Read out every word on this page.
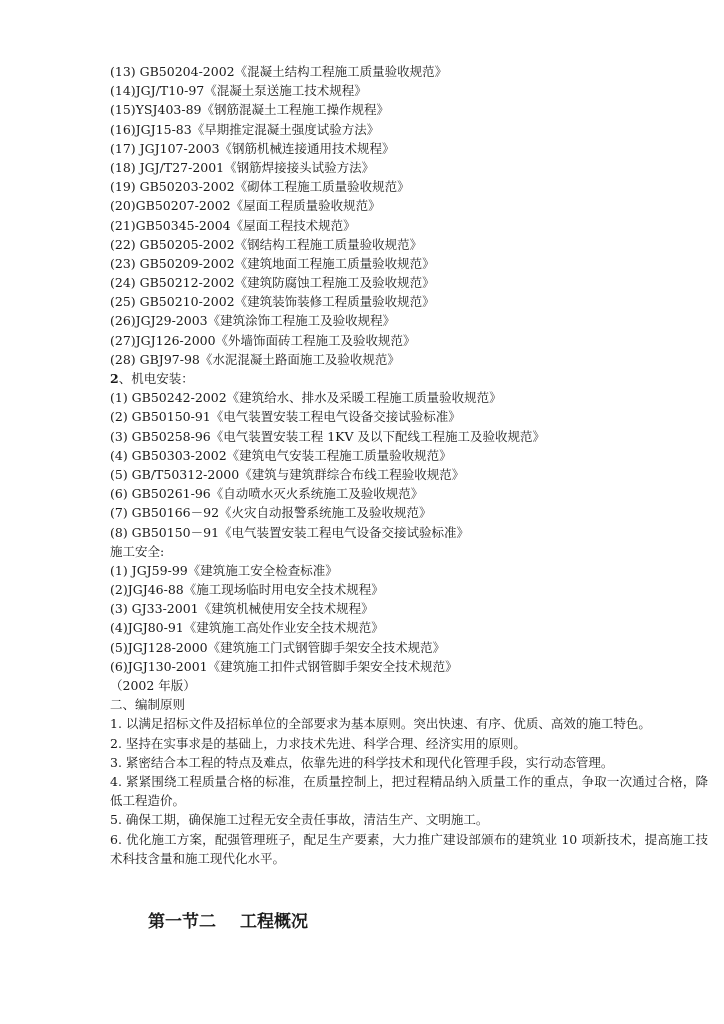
(13) GB50204-2002《混凝土结构工程施工质量验收规范》
(14)JGJ/T10-97《混凝土泵送施工技术规程》
(15)YSJ403-89《钢筋混凝土工程施工操作规程》
(16)JGJ15-83《早期推定混凝土强度试验方法》
(17) JGJ107-2003《钢筋机械连接通用技术规程》
(18) JGJ/T27-2001《钢筋焊接接头试验方法》
(19) GB50203-2002《砌体工程施工质量验收规范》
(20)GB50207-2002《屋面工程质量验收规范》
(21)GB50345-2004《屋面工程技术规范》
(22) GB50205-2002《钢结构工程施工质量验收规范》
(23) GB50209-2002《建筑地面工程施工质量验收规范》
(24) GB50212-2002《建筑防腐蚀工程施工及验收规范》
(25) GB50210-2002《建筑装饰装修工程质量验收规范》
(26)JGJ29-2003《建筑涂饰工程施工及验收规程》
(27)JGJ126-2000《外墙饰面砖工程施工及验收规范》
(28) GBJ97-98《水泥混凝土路面施工及验收规范》
2、机电安装：
(1) GB50242-2002《建筑给水、排水及采暖工程施工质量验收规范》
(2) GB50150-91《电气装置安装工程电气设备交接试验标准》
(3) GB50258-96《电气装置安装工程 1KV 及以下配线工程施工及验收规范》
(4) GB50303-2002《建筑电气安装工程施工质量验收规范》
(5) GB/T50312-2000《建筑与建筑群综合布线工程验收规范》
(6) GB50261-96《自动喷水灭火系统施工及验收规范》
(7) GB50166－92《火灾自动报警系统施工及验收规范》
(8) GB50150－91《电气装置安装工程电气设备交接试验标准》
施工安全:
(1) JGJ59-99《建筑施工安全检查标准》
(2)JGJ46-88《施工现场临时用电安全技术规程》
(3) GJ33-2001《建筑机械使用安全技术规程》
(4)JGJ80-91《建筑施工高处作业安全技术规范》
(5)JGJ128-2000《建筑施工门式钢管脚手架安全技术规范》
(6)JGJ130-2001《建筑施工扣件式钢管脚手架安全技术规范》
（2002 年版）
二、编制原则
1. 以满足招标文件及招标单位的全部要求为基本原则。突出快速、有序、优质、高效的施工特色。
2. 坚持在实事求是的基础上，力求技术先进、科学合理、经济实用的原则。
3. 紧密结合本工程的特点及难点，依靠先进的科学技术和现代化管理手段，实行动态管理。
4. 紧紧围绕工程质量合格的标准，在质量控制上，把过程精品纳入质量工作的重点，争取一次通过合格，降低工程造价。
5. 确保工期，确保施工过程无安全责任事故，清洁生产、文明施工。
6. 优化施工方案，配强管理班子，配足生产要素，大力推广建设部颁布的建筑业 10 项新技术，提高施工技术科技含量和施工现代化水平。
第一节二 工程概况
